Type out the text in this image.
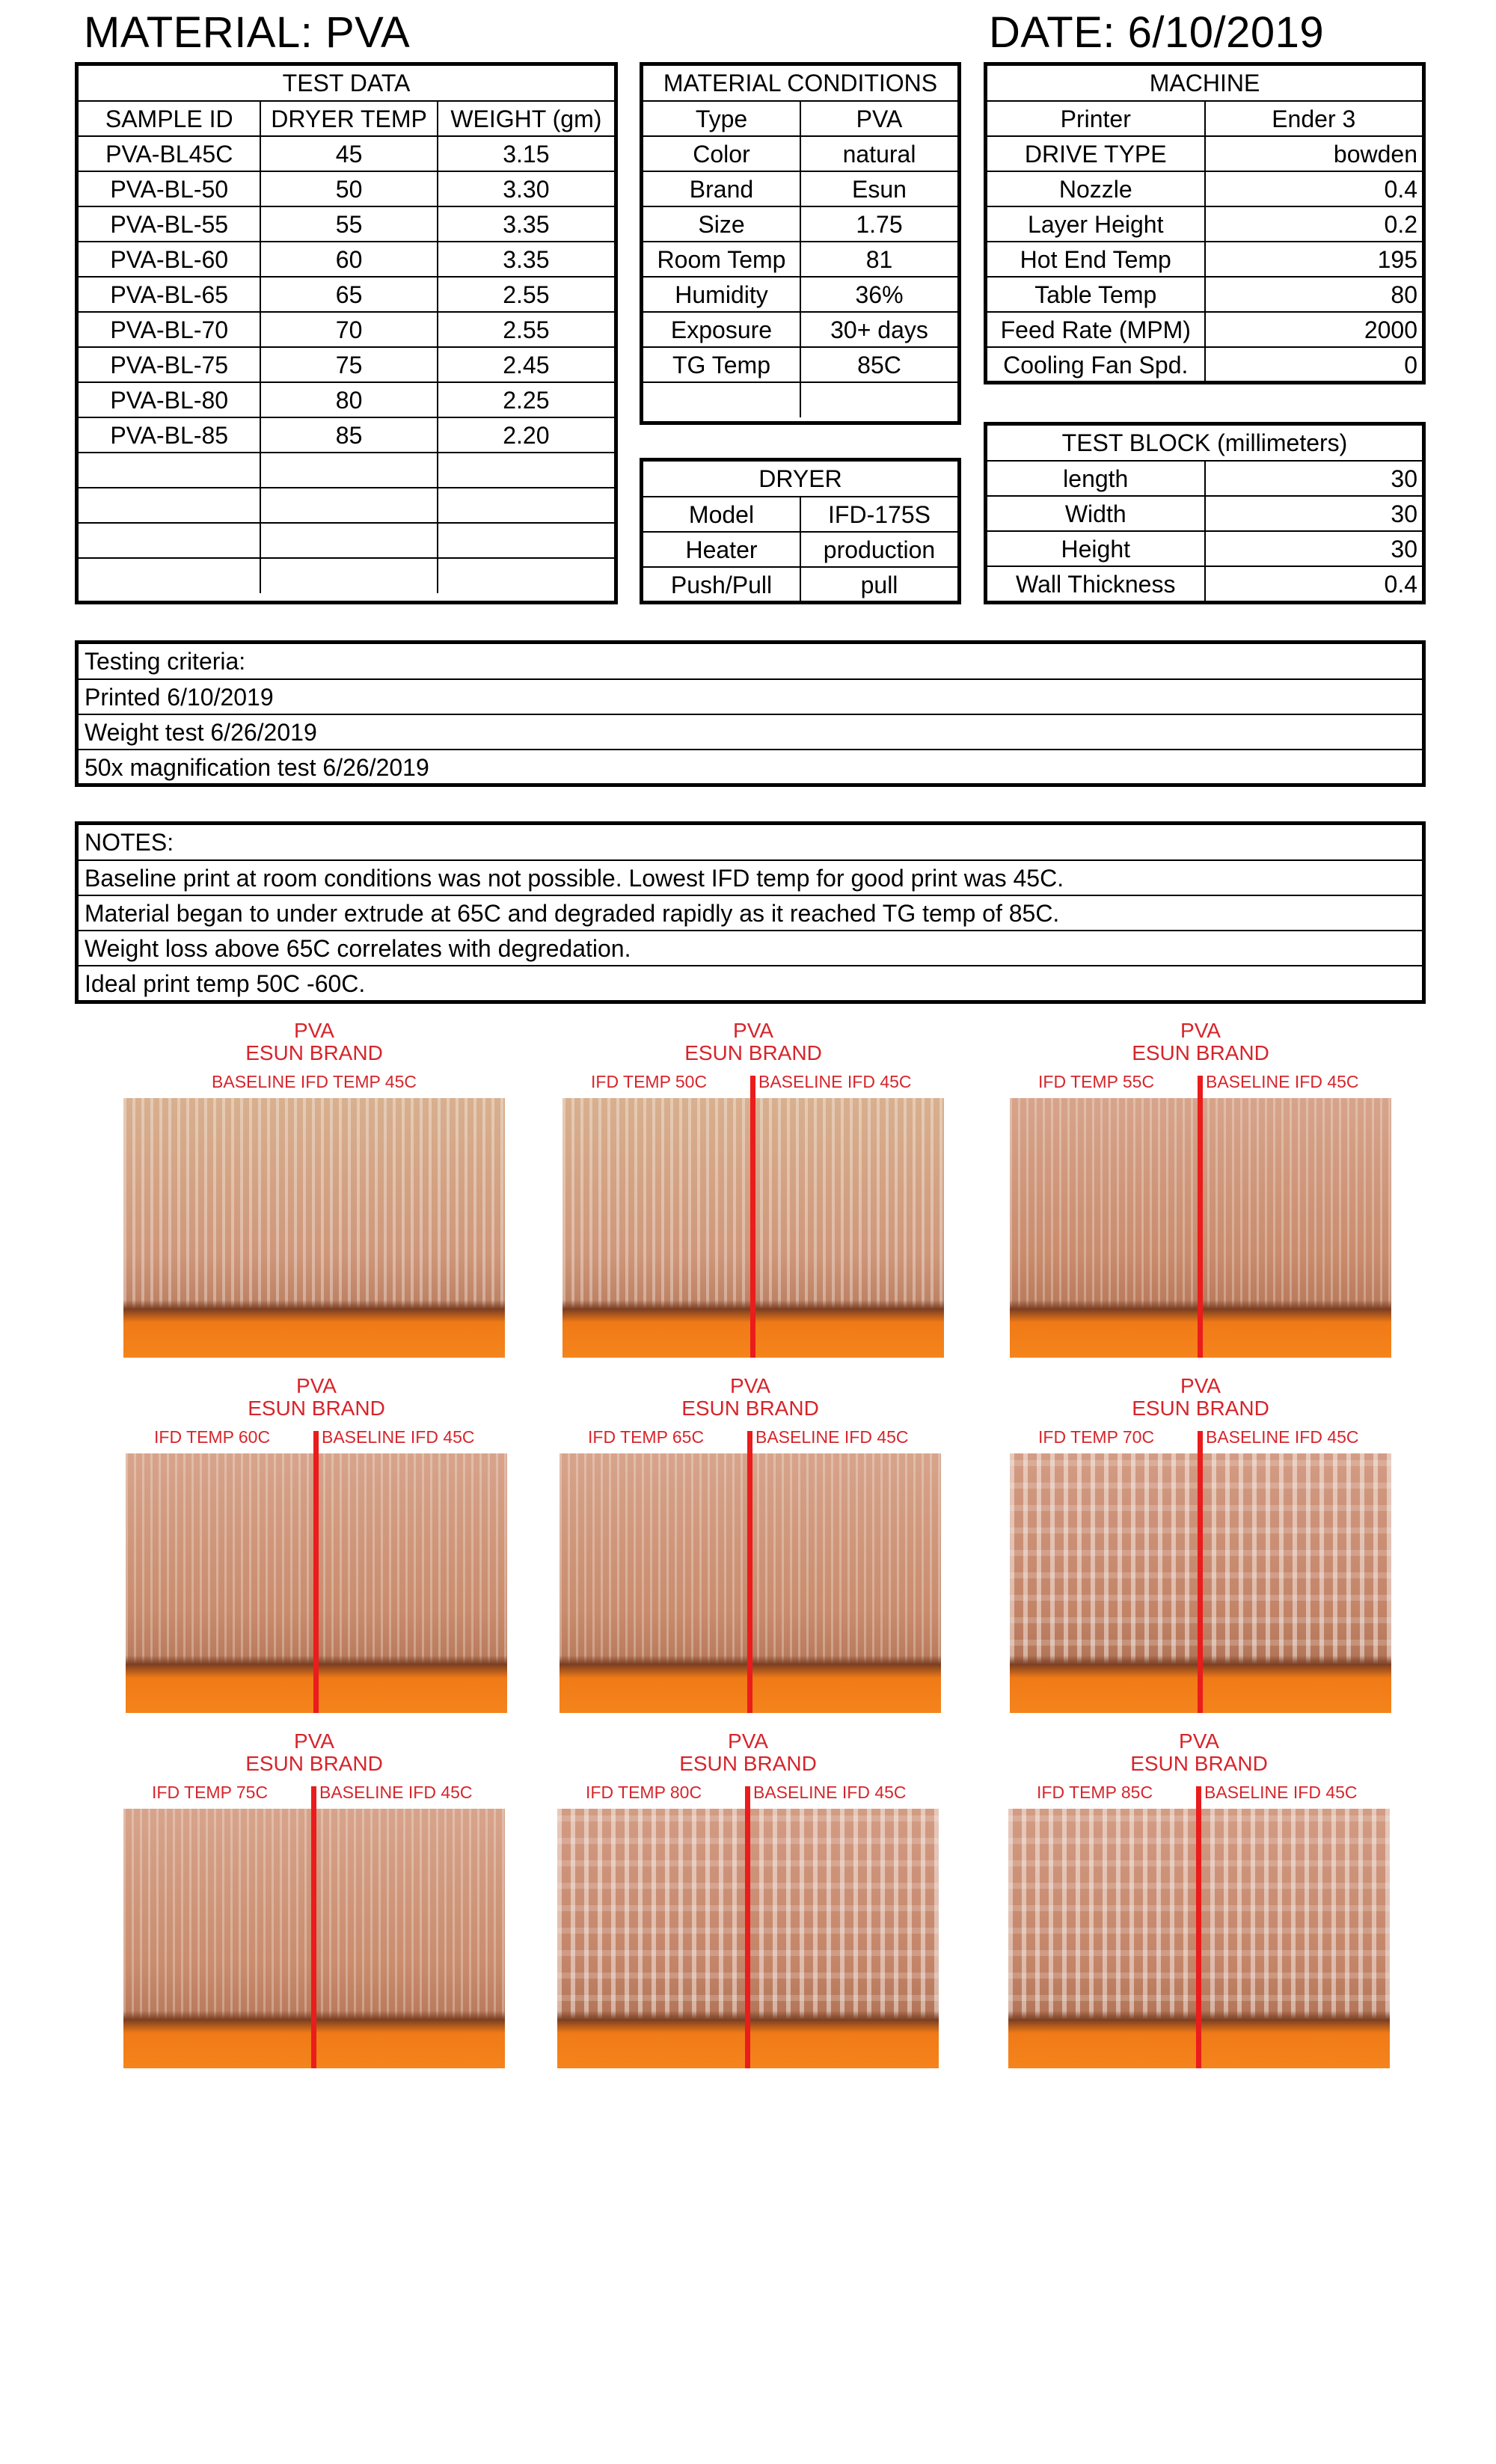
MATERIAL: PVA	DATE: 6/10/2019
TEST DATA		
SAMPLE ID	DRYER TEMP	WEIGHT (gm)
PVA-BL45C	45	3.15
PVA-BL-50	50	3.30
PVA-BL-55	55	3.35
PVA-BL-60	60	3.35
PVA-BL-65	65	2.55
PVA-BL-70	70	2.55
PVA-BL-75	75	2.45
PVA-BL-80	80	2.25
PVA-BL-85	85	2.20

MATERIAL CONDITIONS	
Type	PVA
Color	natural
Brand	Esun
Size	1.75
Room Temp	81
Humidity	36%
Exposure	30+ days
TG Temp	85C

MACHINE	
Printer	Ender 3
DRIVE TYPE	bowden
Nozzle	0.4
Layer Height	0.2
Hot End Temp	195
Table Temp	80
Feed Rate (MPM)	2000
Cooling Fan Spd.	0
DRYER	
Model	IFD-175S
Heater	production
Push/Pull	pull
TEST BLOCK (millimeters)	
length	30
Width	30
Height	30
Wall Thickness	0.4
Testing criteria:
Printed 6/10/2019
Weight test 6/26/2019
50x magnification test 6/26/2019
NOTES:
Baseline print at room conditions was not possible. Lowest IFD temp for good print was 45C.
Material began to under extrude at 65C and degraded rapidly as it reached TG temp of 85C.
Weight loss above 65C correlates with degredation.
Ideal print temp 50C -60C.
PVA
ESUN BRAND
BASELINE IFD TEMP 45C
PVA
ESUN BRAND
IFD TEMP 50C	BASELINE IFD 45C
PVA
ESUN BRAND
IFD TEMP 55C	BASELINE IFD 45C
PVA
ESUN BRAND
IFD TEMP 60C	BASELINE IFD 45C
PVA
ESUN BRAND
IFD TEMP 65C	BASELINE IFD 45C
PVA
ESUN BRAND
IFD TEMP 70C	BASELINE IFD 45C
PVA
ESUN BRAND
IFD TEMP 75C	BASELINE IFD 45C
PVA
ESUN BRAND
IFD TEMP 80C	BASELINE IFD 45C
PVA
ESUN BRAND
IFD TEMP 85C	BASELINE IFD 45C
